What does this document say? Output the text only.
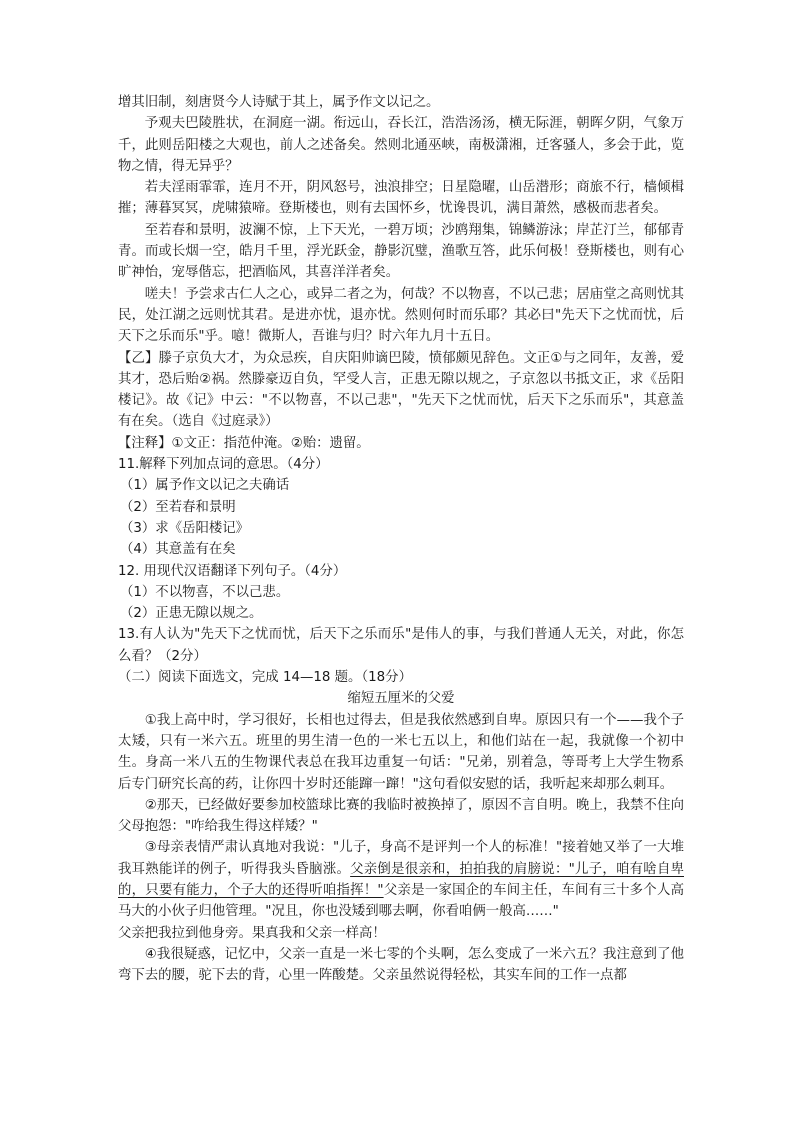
增其旧制，刻唐贤今人诗赋于其上，属予作文以记之。

予观夫巴陵胜状，在洞庭一湖。衔远山，吞长江，浩浩汤汤，横无际涯，朝晖夕阴，气象万千，此则岳阳楼之大观也，前人之述备矣。然则北通巫峡，南极潇湘，迁客骚人，多会于此，览物之情，得无异乎？

若夫淫雨霏霏，连月不开，阴风怒号，浊浪排空；日星隐曜，山岳潜形；商旅不行，樯倾楫摧；薄暮冥冥，虎啸猿啼。登斯楼也，则有去国怀乡，忧谗畏讥，满目萧然，感极而悲者矣。

至若春和景明，波澜不惊，上下天光，一碧万顷；沙鸥翔集，锦鳞游泳；岸芷汀兰，郁郁青青。而或长烟一空，皓月千里，浮光跃金，静影沉璧，渔歌互答，此乐何极！登斯楼也，则有心旷神怡，宠辱偕忘，把酒临风，其喜洋洋者矣。

嗟夫！予尝求古仁人之心，或异二者之为，何哉？不以物喜，不以己悲；居庙堂之高则忧其民，处江湖之远则忧其君。是进亦忧，退亦忧。然则何时而乐耶？其必曰"先天下之忧而忧，后天下之乐而乐"乎。噫！微斯人，吾谁与归？时六年九月十五日。

【乙】滕子京负大才，为众忌疾，自庆阳帅谪巴陵，愤郁颇见辞色。文正①与之同年，友善，爱其才，恐后贻②祸。然滕豪迈自负，罕受人言，正患无隙以规之，子京忽以书抵文正，求《岳阳楼记》。故《记》中云："不以物喜，不以己悲"，"先天下之忧而忧，后天下之乐而乐"，其意盖有在矣。（选自《过庭录》）

【注释】①文正：指范仲淹。②贻：遗留。

11.解释下列加点词的意思。（4分）

（1）属予作文以记之夫确话

（2）至若春和景明

（3）求《岳阳楼记》

（4）其意盖有在矣

12. 用现代汉语翻译下列句子。（4分）

（1）不以物喜，不以己悲。

（2）正患无隙以规之。

13.有人认为"先天下之忧而忧，后天下之乐而乐"是伟人的事，与我们普通人无关，对此，你怎么看？（2分）

（二）阅读下面选文，完成 14—18 题。（18分）

缩短五厘米的父爱

①我上高中时，学习很好，长相也过得去，但是我依然感到自卑。原因只有一个——我个子太矮，只有一米六五。班里的男生清一色的一米七五以上，和他们站在一起，我就像一个初中生。身高一米八五的生物课代表总在我耳边重复一句话："兄弟，别着急，等哥考上大学生物系后专门研究长高的药，让你四十岁时还能蹿一蹿！"这句看似安慰的话，我听起来却那么刺耳。

②那天，已经做好要参加校篮球比赛的我临时被换掉了，原因不言自明。晚上，我禁不住向父母抱怨："咋给我生得这样矮？"

③母亲表情严肃认真地对我说："儿子，身高不是评判一个人的标准！"接着她又举了一大堆我耳熟能详的例子，听得我头昏脑涨。父亲倒是很亲和，拍拍我的肩膀说："儿子，咱有啥自卑的，只要有能力，个子大的还得听咱指挥！"父亲是一家国企的车间主任，车间有三十多个人高马大的小伙子归他管理。"况且，你也没矮到哪去啊，你看咱俩一般高……"

父亲把我拉到他身旁。果真我和父亲一样高！

④我很疑惑，记忆中，父亲一直是一米七零的个头啊，怎么变成了一米六五？我注意到了他弯下去的腰，驼下去的背，心里一阵酸楚。父亲虽然说得轻松，其实车间的工作一点都
